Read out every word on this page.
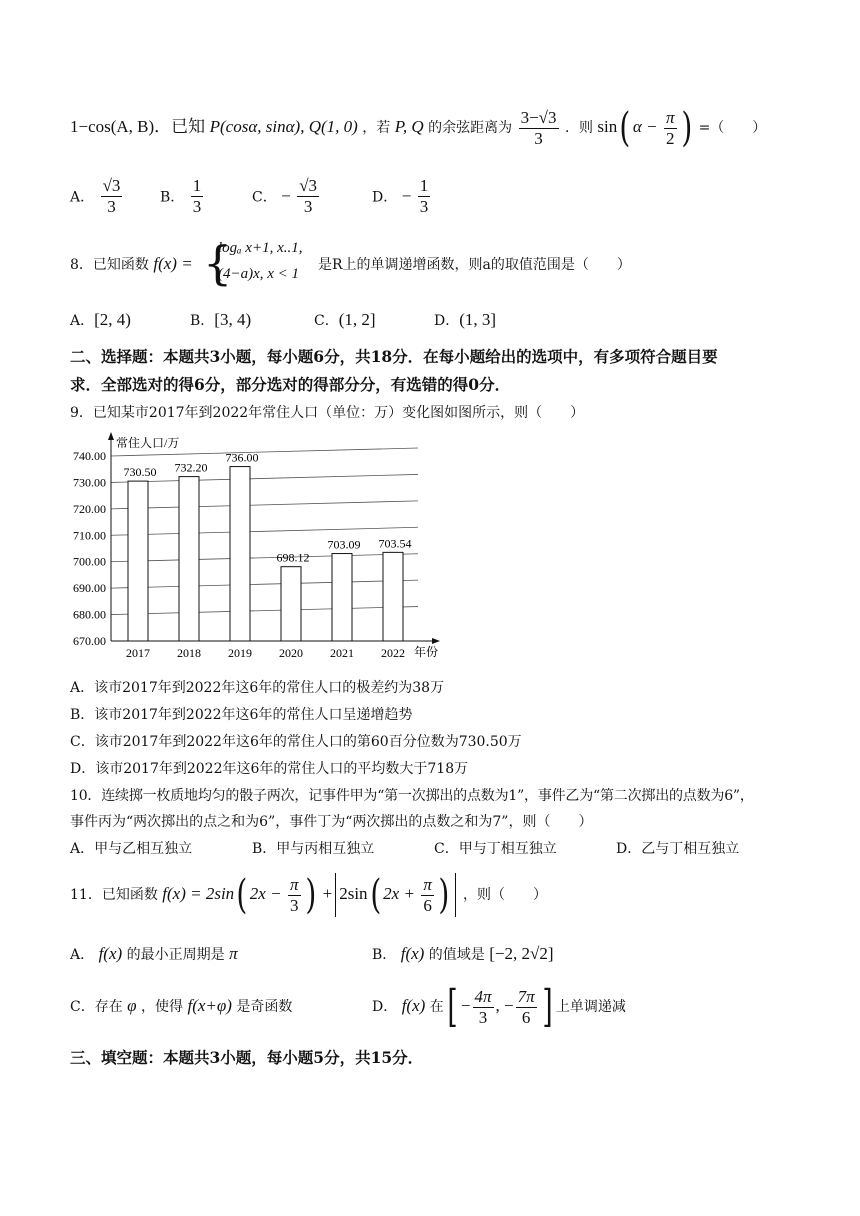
1−cos(A, B)．已知 P(cosα, sinα), Q(1, 0) ，若 P, Q 的余弦距离为 $\frac{3-√3}{3}$ ．则 sin( $\alpha - \frac{\pi}{2}$ ) =（　　）
A． $\frac{√3}{3}$	B． $\frac{1}{3}$	C． − $\frac{√3}{3}$	D． − $\frac{1}{3}$
8．已知函数 f(x) = {
logₐ x+1, x..1,
(4−a)x, x < 1
是R上的单调递增函数，则a的取值范围是（　　）
A．[2, 4)	B．[3, 4)	C．(1, 2]	D．(1, 3]
二、选择题：本题共3小题，每小题6分，共18分．在每小题给出的选项中，有多项符合题目要
求．全部选对的得6分，部分选对的得部分分，有选错的得0分．
9．已知某市2017年到2022年常住人口（单位：万）变化图如图所示，则（　　）
670.00
680.00
690.00
700.00
710.00
720.00
730.00
740.00
730.50 732.20
736.00
698.12
703.09 703.54
2017 2018 2019 2020 2021 2022
常住人口/万
年份
A．该市2017年到2022年这6年的常住人口的极差约为38万
B．该市2017年到2022年这6年的常住人口呈递增趋势
C．该市2017年到2022年这6年的常住人口的第60百分位数为730.50万
D．该市2017年到2022年这6年的常住人口的平均数大于718万
10．连续掷一枚质地均匀的骰子两次，记事件甲为“第一次掷出的点数为1”，事件乙为“第二次掷出的点数为6”，
事件丙为“两次掷出的点之和为6”，事件丁为“两次掷出的点数之和为7”，则（　　）
A．甲与乙相互独立	B．甲与丙相互独立	C．甲与丁相互独立	D．乙与丁相互独立
11．已知函数 f(x) = 2sin( $2x - \frac{\pi}{3}$ ) + 2sin( $2x + \frac{\pi}{6}$ ) ，则（　　）
A． f(x) 的最小正周期是 π	B． f(x) 的值域是 [−2, 2√2]
C．存在 φ ，使得 f(x+φ) 是奇函数	D． f(x) 在[ − $\frac{4\pi}{3}$ , − $\frac{7\pi}{6}$ ] 上单调递减
三、填空题：本题共3小题，每小题5分，共15分．
